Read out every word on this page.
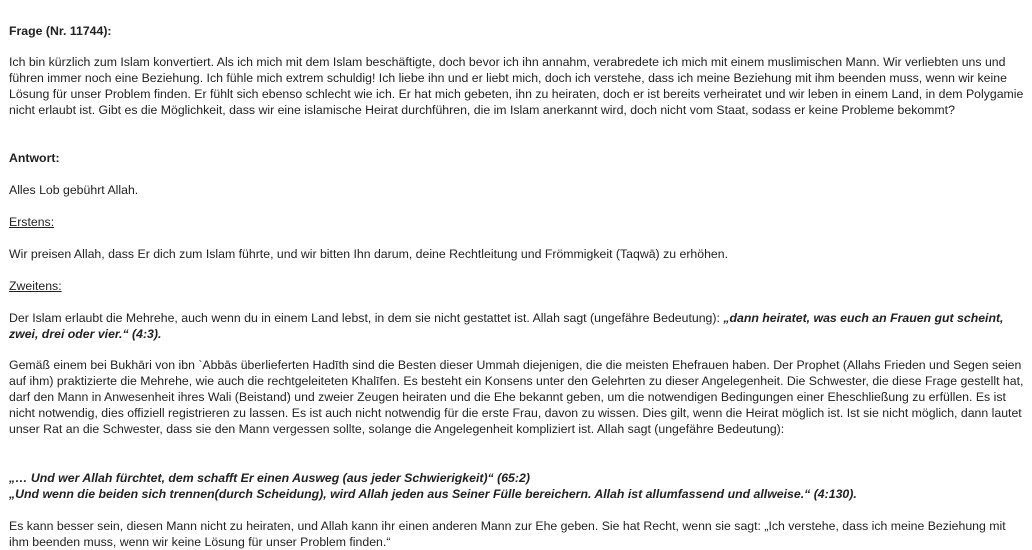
Frage (Nr. 11744):

Ich bin kürzlich zum Islam konvertiert. Als ich mich mit dem Islam beschäftigte, doch bevor ich ihn annahm, verabredete ich mich mit einem muslimischen Mann. Wir verliebten uns und führen immer noch eine Beziehung. Ich fühle mich extrem schuldig! Ich liebe ihn und er liebt mich, doch ich verstehe, dass ich meine Beziehung mit ihm beenden muss, wenn wir keine Lösung für unser Problem finden. Er fühlt sich ebenso schlecht wie ich. Er hat mich gebeten, ihn zu heiraten, doch er ist bereits verheiratet und wir leben in einem Land, in dem Polygamie nicht erlaubt ist. Gibt es die Möglichkeit, dass wir eine islamische Heirat durchführen, die im Islam anerkannt wird, doch nicht vom Staat, sodass er keine Probleme bekommt?

Antwort:

Alles Lob gebührt Allah.

Erstens:

Wir preisen Allah, dass Er dich zum Islam führte, und wir bitten Ihn darum, deine Rechtleitung und Frömmigkeit (Taqwā) zu erhöhen.

Zweitens:

Der Islam erlaubt die Mehrehe, auch wenn du in einem Land lebst, in dem sie nicht gestattet ist. Allah sagt (ungefähre Bedeutung): „dann heiratet, was euch an Frauen gut scheint, zwei, drei oder vier.“ (4:3).

Gemäß einem bei Bukhāri von ibn `Abbās überlieferten Hadīth sind die Besten dieser Ummah diejenigen, die die meisten Ehefrauen haben. Der Prophet (Allahs Frieden und Segen seien auf ihm) praktizierte die Mehrehe, wie auch die rechtgeleiteten Khalīfen. Es besteht ein Konsens unter den Gelehrten zu dieser Angelegenheit. Die Schwester, die diese Frage gestellt hat, darf den Mann in Anwesenheit ihres Wali (Beistand) und zweier Zeugen heiraten und die Ehe bekannt geben, um die notwendigen Bedingungen einer Eheschließung zu erfüllen. Es ist nicht notwendig, dies offiziell registrieren zu lassen. Es ist auch nicht notwendig für die erste Frau, davon zu wissen. Dies gilt, wenn die Heirat möglich ist. Ist sie nicht möglich, dann lautet unser Rat an die Schwester, dass sie den Mann vergessen sollte, solange die Angelegenheit kompliziert ist. Allah sagt (ungefähre Bedeutung):

„… Und wer Allah fürchtet, dem schafft Er einen Ausweg (aus jeder Schwierigkeit)“ (65:2)

„Und wenn die beiden sich trennen(durch Scheidung), wird Allah jeden aus Seiner Fülle bereichern. Allah ist allumfassend und allweise.“ (4:130).

Es kann besser sein, diesen Mann nicht zu heiraten, und Allah kann ihr einen anderen Mann zur Ehe geben. Sie hat Recht, wenn sie sagt: „Ich verstehe, dass ich meine Beziehung mit ihm beenden muss, wenn wir keine Lösung für unser Problem finden.“
